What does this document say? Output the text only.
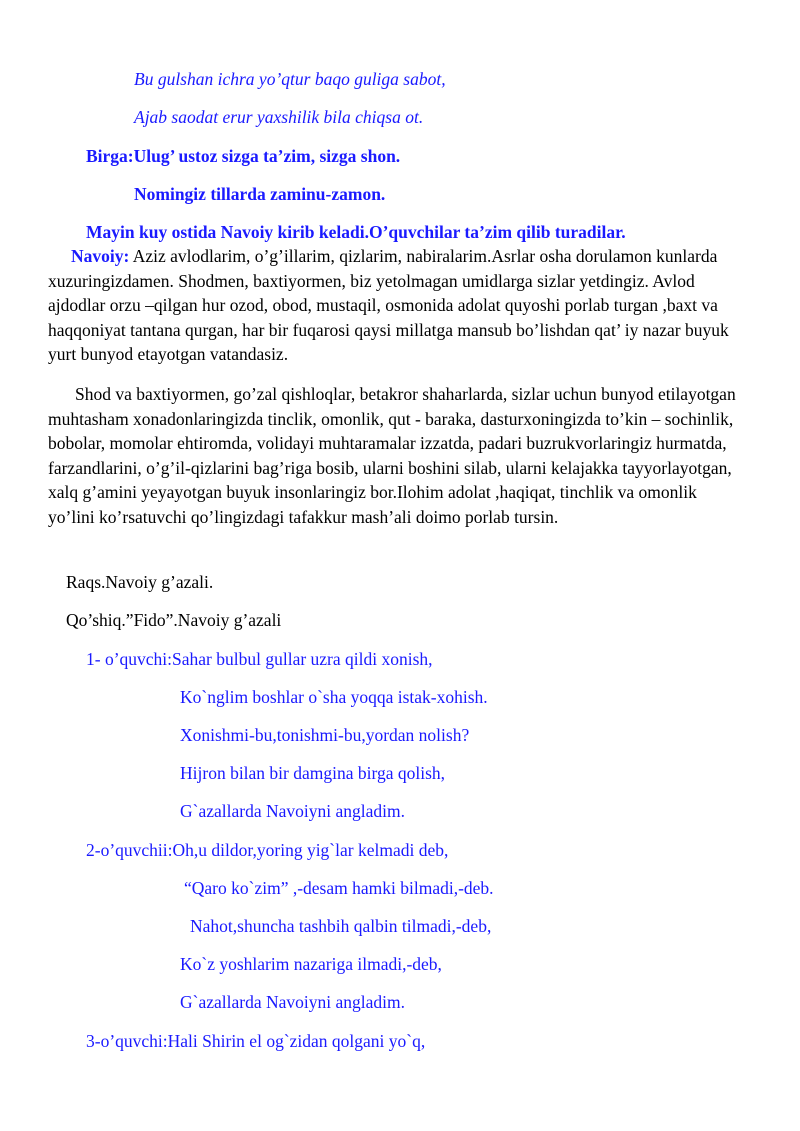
Bu gulshan ichra yo’qtur baqo guliga sabot,
Ajab saodat erur yaxshilik bila chiqsa ot.
Birga:Ulug’ ustoz sizga ta’zim, sizga shon.
Nomingiz tillarda zaminu-zamon.
Mayin kuy ostida Navoiy kirib keladi.O’quvchilar ta’zim qilib turadilar.
Navoiy: Aziz avlodlarim, o’g’illarim, qizlarim, nabiralarim.Asrlar osha dorulamon kunlarda xuzuringizdamen. Shodmen, baxtiyormen, biz yetolmagan umidlarga sizlar yetdingiz. Avlod ajdodlar orzu –qilgan hur ozod, obod, mustaqil, osmonida adolat quyoshi porlab turgan ,baxt va haqqoniyat tantana qurgan, har bir fuqarosi qaysi millatga mansub bo’lishdan qat’ iy nazar buyuk yurt bunyod etayotgan vatandasiz.
Shod va baxtiyormen, go’zal qishloqlar, betakror shaharlarda, sizlar uchun bunyod etilayotgan muhtasham xonadonlaringizda tinclik, omonlik, qut - baraka, dasturxoningizda to’kin – sochinlik, bobolar, momolar ehtiromda, volidayi muhtaramalar izzatda, padari buzrukvorlaringiz hurmatda, farzandlarini, o’g’il-qizlarini bag’riga bosib, ularni boshini silab, ularni kelajakka tayyorlayotgan, xalq g’amini yeyayotgan buyuk insonlaringiz bor.Ilohim adolat ,haqiqat, tinchlik va omonlik yo’lini ko’rsatuvchi qo’lingizdagi tafakkur mash’ali doimo porlab tursin.
Raqs.Navoiy g’azali.
Qo’shiq.”Fido”.Navoiy g’azali
1- o’quvchi:Sahar bulbul gullar uzra qildi xonish,
Ko`nglim boshlar o`sha yoqqa istak-xohish.
Xonishmi-bu,tonishmi-bu,yordan nolish?
Hijron bilan bir damgina birga qolish,
G`azallarda Navoiyni angladim.
2-o’quvchii:Oh,u dildor,yoring yig`lar kelmadi deb,
“Qaro ko`zim” ,-desam hamki bilmadi,-deb.
Nahot,shuncha tashbih qalbin tilmadi,-deb,
Ko`z yoshlarim nazariga ilmadi,-deb,
G`azallarda Navoiyni angladim.
3-o’quvchi:Hali Shirin el og`zidan qolgani yo`q,
